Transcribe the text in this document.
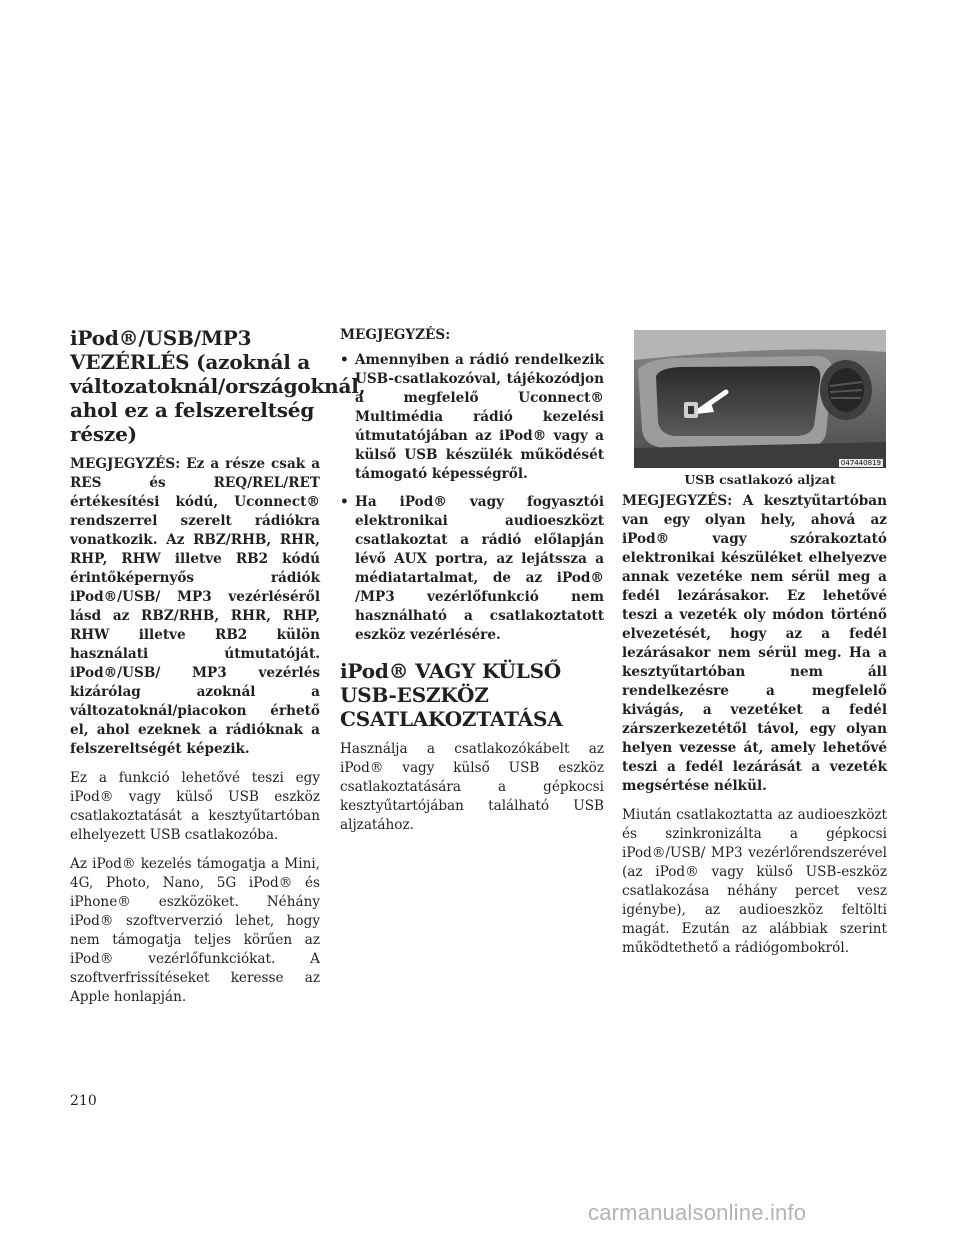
iPod®/USB/MP3 VEZÉRLÉS (azoknál a változatoknál/országoknál, ahol ez a felszereltség része)

MEGJEGYZÉS: Ez a része csak a RES és REQ/REL/RET értékesítési kódú, Uconnect® rendszerrel szerelt rádiókra vonatkozik. Az RBZ/RHB, RHR, RHP, RHW illetve RB2 kódú érintőképernyős rádiók iPod®/USB/ MP3 vezérléséről lásd az RBZ/RHB, RHR, RHP, RHW illetve RB2 külön használati útmutatóját. iPod®/USB/ MP3 vezérlés kizárólag azoknál a változatoknál/piacokon érhető el, ahol ezeknek a rádióknak a felszereltségét képezik.

Ez a funkció lehetővé teszi egy iPod® vagy külső USB eszköz csatlakoztatását a kesztyűtartóban elhelyezett USB csatlakozóba.

Az iPod® kezelés támogatja a Mini, 4G, Photo, Nano, 5G iPod® és iPhone® eszközöket. Néhány iPod® szoftververzió lehet, hogy nem támogatja teljes körűen az iPod® vezérlőfunkciókat. A szoftverfrissítéseket keresse az Apple honlapján.

MEGJEGYZÉS:
• Amennyiben a rádió rendelkezik USB-csatlakozóval, tájékozódjon a megfelelő Uconnect® Multimédia rádió kezelési útmutatójában az iPod® vagy a külső USB készülék működését támogató képességről.
• Ha iPod® vagy fogyasztói elektronikai audioeszközt csatlakoztat a rádió előlapján lévő AUX portra, az lejátssza a médiatartalmat, de az iPod® /MP3 vezérlőfunkció nem használható a csatlakoztatott eszköz vezérlésére.
iPod® VAGY KÜLSŐ USB-ESZKÖZ CSATLAKOZTATÁSA

Használja a csatlakozókábelt az iPod® vagy külső USB eszköz csatlakoztatására a gépkocsi kesztyűtartójában található USB aljzatához.

047440819
USB csatlakozó aljzat

MEGJEGYZÉS: A kesztyűtartóban van egy olyan hely, ahová az iPod® vagy szórakoztató elektronikai készüléket elhelyezve annak vezetéke nem sérül meg a fedél lezárásakor. Ez lehetővé teszi a vezeték oly módon történő elvezetését, hogy az a fedél lezárásakor nem sérül meg. Ha a kesztyűtartóban nem áll rendelkezésre a megfelelő kivágás, a vezetéket a fedél zárszerkezetétől távol, egy olyan helyen vezesse át, amely lehetővé teszi a fedél lezárását a vezeték megsértése nélkül.

Miután csatlakoztatta az audioeszközt és szinkronizálta a gépkocsi iPod®/USB/ MP3 vezérlőrendszerével (az iPod® vagy külső USB-eszköz csatlakozása néhány percet vesz igénybe), az audioeszköz feltölti magát. Ezután az alábbiak szerint működtethető a rádiógombokról.

210
carmanualsonline.info
